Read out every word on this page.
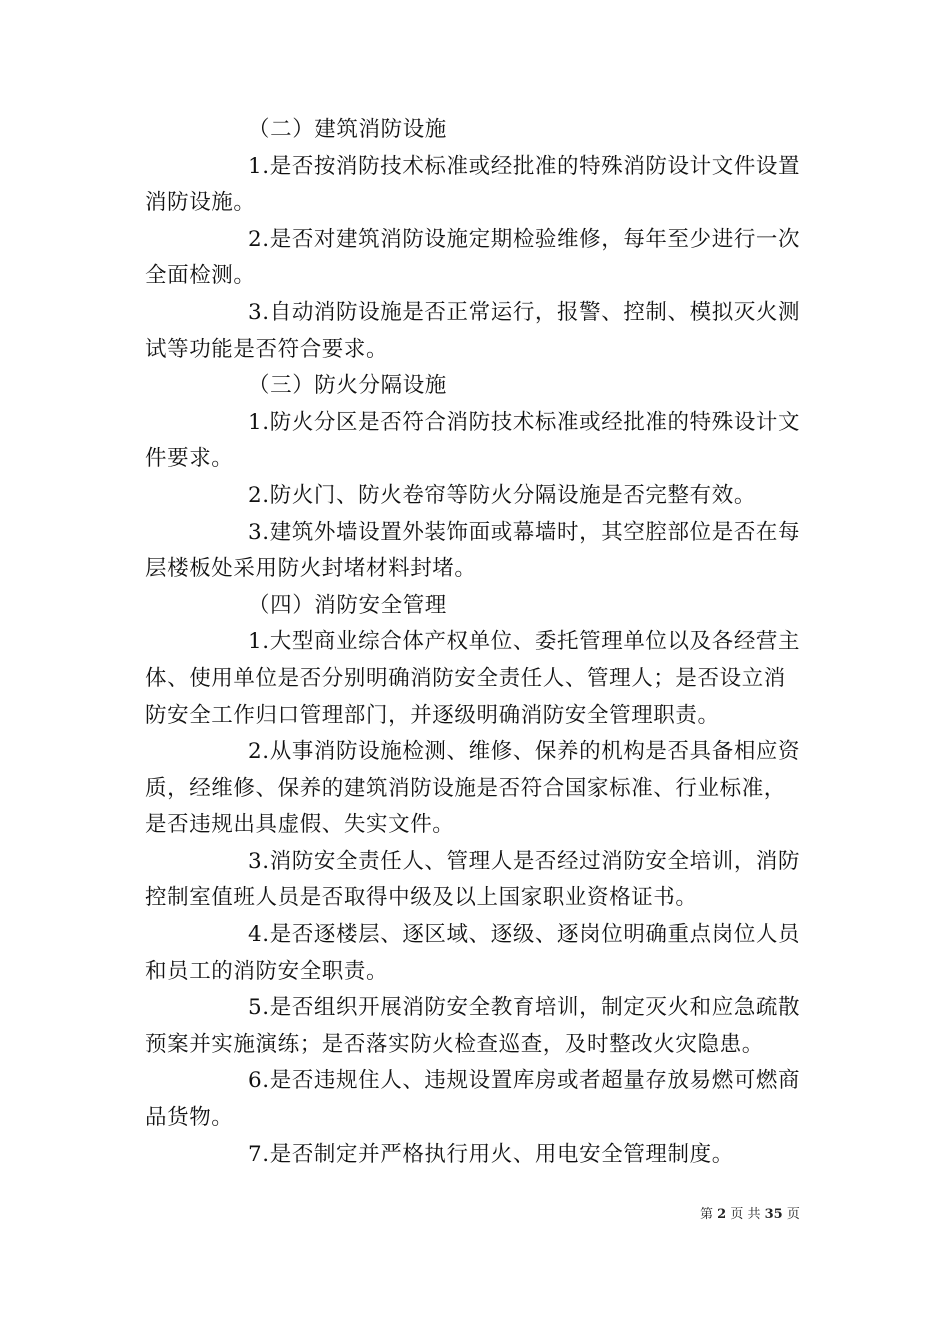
（二）建筑消防设施
1.是否按消防技术标准或经批准的特殊消防设计文件设置
消防设施。
2.是否对建筑消防设施定期检验维修，每年至少进行一次
全面检测。
3.自动消防设施是否正常运行，报警、控制、模拟灭火测
试等功能是否符合要求。
（三）防火分隔设施
1.防火分区是否符合消防技术标准或经批准的特殊设计文
件要求。
2.防火门、防火卷帘等防火分隔设施是否完整有效。
3.建筑外墙设置外装饰面或幕墙时，其空腔部位是否在每
层楼板处采用防火封堵材料封堵。
（四）消防安全管理
1.大型商业综合体产权单位、委托管理单位以及各经营主
体、使用单位是否分别明确消防安全责任人、管理人；是否设立消
防安全工作归口管理部门，并逐级明确消防安全管理职责。
2.从事消防设施检测、维修、保养的机构是否具备相应资
质，经维修、保养的建筑消防设施是否符合国家标准、行业标准，
是否违规出具虚假、失实文件。
3.消防安全责任人、管理人是否经过消防安全培训，消防
控制室值班人员是否取得中级及以上国家职业资格证书。
4.是否逐楼层、逐区域、逐级、逐岗位明确重点岗位人员
和员工的消防安全职责。
5.是否组织开展消防安全教育培训，制定灭火和应急疏散
预案并实施演练；是否落实防火检查巡查，及时整改火灾隐患。
6.是否违规住人、违规设置库房或者超量存放易燃可燃商
品货物。
7.是否制定并严格执行用火、用电安全管理制度。
第 2 页 共 35 页
